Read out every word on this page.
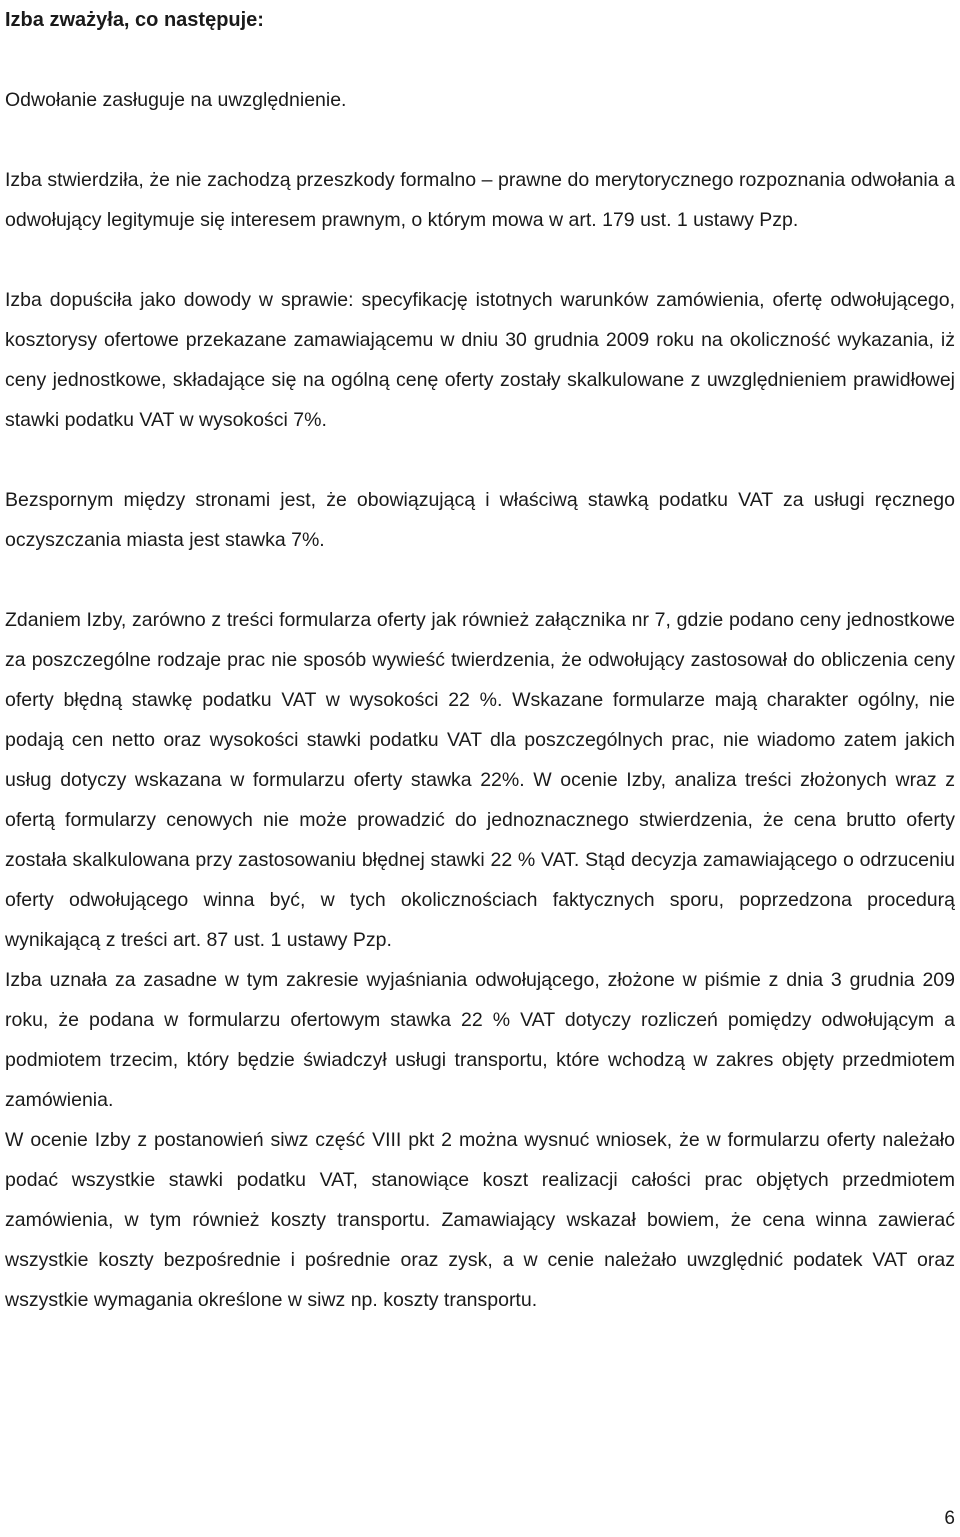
Izba zważyła, co następuje:

Odwołanie zasługuje na uwzględnienie.

Izba stwierdziła, że nie zachodzą przeszkody formalno – prawne do merytorycznego rozpoznania odwołania a odwołujący legitymuje się interesem prawnym, o którym mowa w art. 179 ust. 1 ustawy Pzp.

Izba dopuściła jako dowody w sprawie: specyfikację istotnych warunków zamówienia, ofertę odwołującego, kosztorysy ofertowe przekazane zamawiającemu w dniu 30 grudnia 2009 roku na okoliczność wykazania, iż ceny jednostkowe, składające się na ogólną cenę oferty zostały skalkulowane z uwzględnieniem prawidłowej stawki podatku VAT w wysokości 7%.

Bezspornym między stronami jest, że obowiązującą i właściwą stawką podatku VAT za usługi ręcznego oczyszczania miasta jest stawka 7%.

Zdaniem Izby, zarówno z treści formularza oferty jak również załącznika nr 7, gdzie podano ceny jednostkowe za poszczególne rodzaje prac nie sposób wywieść twierdzenia, że odwołujący zastosował do obliczenia ceny oferty błędną stawkę podatku VAT w wysokości 22 %. Wskazane formularze mają charakter ogólny, nie podają cen netto oraz wysokości stawki podatku VAT dla poszczególnych prac, nie wiadomo zatem jakich usług dotyczy wskazana w formularzu oferty stawka 22%. W ocenie Izby, analiza treści złożonych wraz z ofertą formularzy cenowych nie może prowadzić do jednoznacznego stwierdzenia, że cena brutto oferty została skalkulowana przy zastosowaniu błędnej stawki 22 % VAT. Stąd decyzja zamawiającego o odrzuceniu oferty odwołującego winna być, w tych okolicznościach faktycznych sporu, poprzedzona procedurą wynikającą z treści art. 87 ust. 1 ustawy Pzp.

Izba uznała za zasadne w tym zakresie wyjaśniania odwołującego, złożone w piśmie z dnia 3 grudnia 209 roku, że podana w formularzu ofertowym stawka 22 % VAT dotyczy rozliczeń pomiędzy odwołującym a podmiotem trzecim, który będzie świadczył usługi transportu, które wchodzą w zakres objęty przedmiotem zamówienia.

W ocenie Izby z postanowień siwz część VIII pkt 2 można wysnuć wniosek, że w formularzu oferty należało podać wszystkie stawki podatku VAT, stanowiące koszt realizacji całości prac objętych przedmiotem zamówienia, w tym również koszty transportu. Zamawiający wskazał bowiem, że cena winna zawierać wszystkie koszty bezpośrednie i pośrednie oraz zysk, a w cenie należało uwzględnić podatek VAT oraz wszystkie wymagania określone w siwz np. koszty transportu.

6
